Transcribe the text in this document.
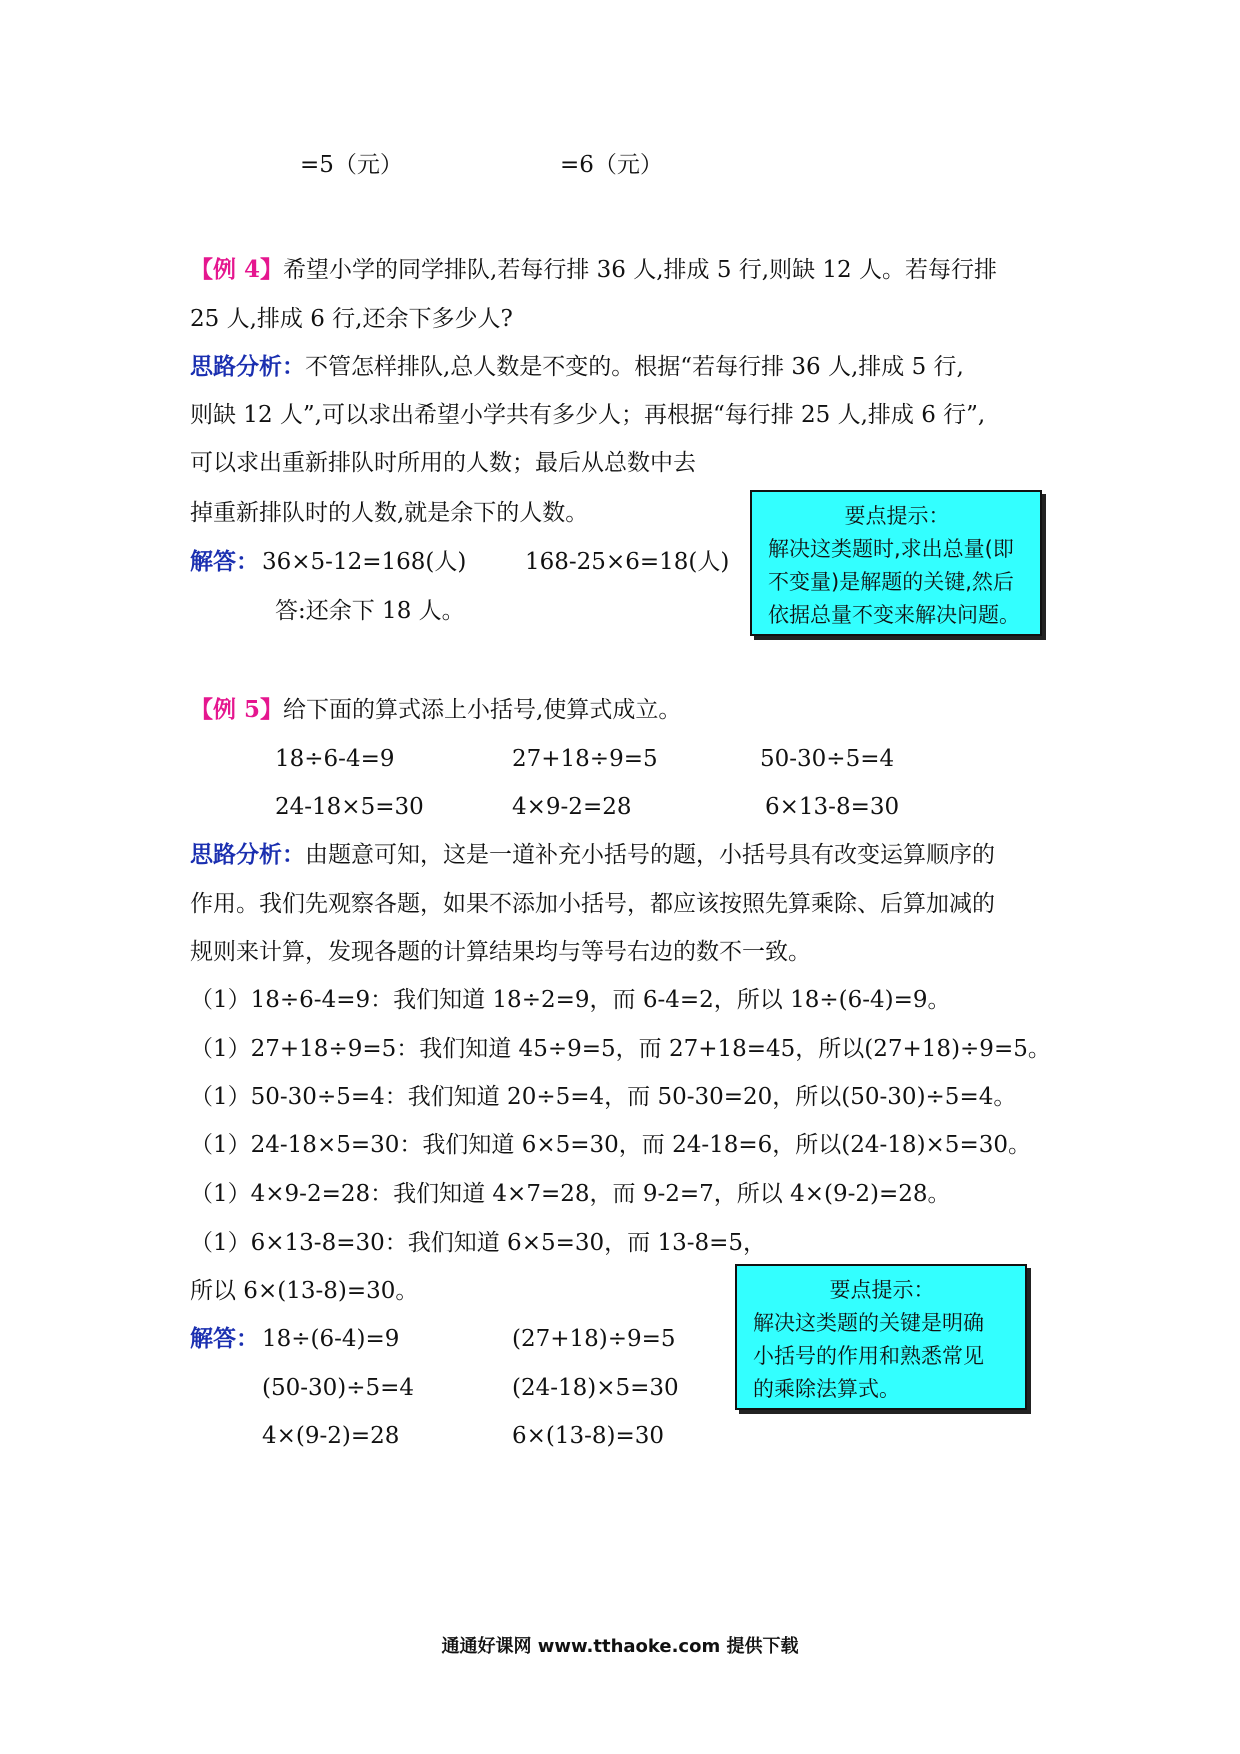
=5（元）	=6（元）
【例 4】希望小学的同学排队,若每行排 36 人,排成 5 行,则缺 12 人。若每行排
25 人,排成 6 行,还余下多少人?
思路分析：不管怎样排队,总人数是不变的。根据“若每行排 36 人,排成 5 行,
则缺 12 人”,可以求出希望小学共有多少人；再根据“每行排 25 人,排成 6 行”,
可以求出重新排队时所用的人数；最后从总数中去
掉重新排队时的人数,就是余下的人数。
解答： 36×5-12=168(人)	168-25×6=18(人)
答:还余下 18 人。
要点提示：
解决这类题时,求出总量(即
不变量)是解题的关键,然后
依据总量不变来解决问题。
【例 5】给下面的算式添上小括号,使算式成立。
18÷6-4=9	27+18÷9=5	50-30÷5=4
24-18×5=30	4×9-2=28	6×13-8=30
思路分析：由题意可知，这是一道补充小括号的题，小括号具有改变运算顺序的
作用。我们先观察各题，如果不添加小括号，都应该按照先算乘除、后算加减的
规则来计算，发现各题的计算结果均与等号右边的数不一致。
（1）18÷6-4=9：我们知道 18÷2=9，而 6-4=2，所以 18÷(6-4)=9。
（1）27+18÷9=5：我们知道 45÷9=5，而 27+18=45，所以(27+18)÷9=5。
（1）50-30÷5=4：我们知道 20÷5=4，而 50-30=20，所以(50-30)÷5=4。
（1）24-18×5=30：我们知道 6×5=30，而 24-18=6，所以(24-18)×5=30。
（1）4×9-2=28：我们知道 4×7=28，而 9-2=7，所以 4×(9-2)=28。
（1）6×13-8=30：我们知道 6×5=30，而 13-8=5，
所以 6×(13-8)=30。
解答： 18÷(6-4)=9	(27+18)÷9=5
(50-30)÷5=4	(24-18)×5=30
4×(9-2)=28	6×(13-8)=30
要点提示：
解决这类题的关键是明确
小括号的作用和熟悉常见
的乘除法算式。
通通好课网 www.tthaoke.com 提供下载
